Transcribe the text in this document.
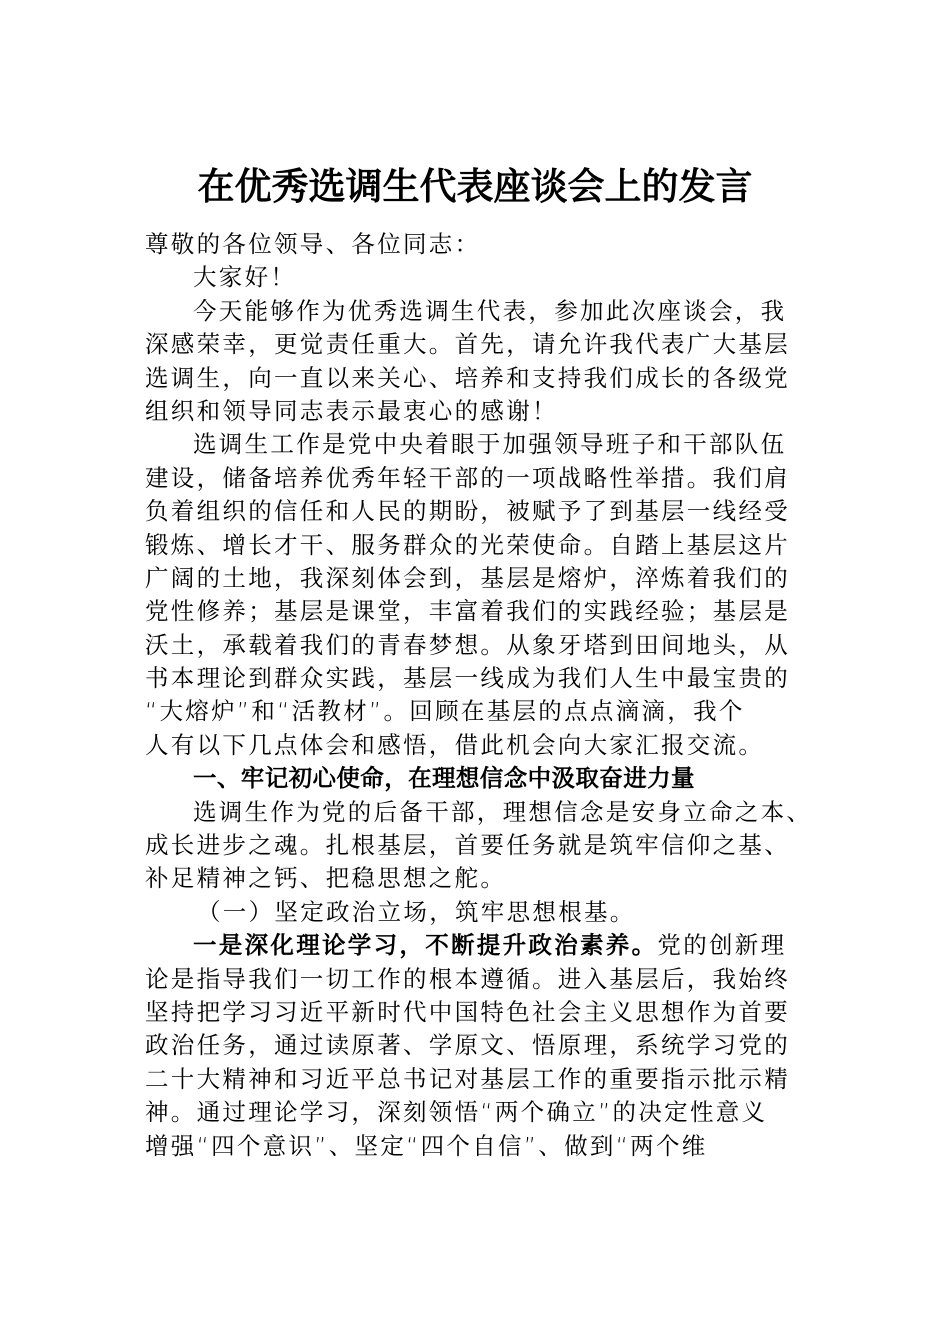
在优秀选调生代表座谈会上的发言
尊敬的各位领导、各位同志：
大家好！
今天能够作为优秀选调生代表，参加此次座谈会，我
深感荣幸，更觉责任重大。首先，请允许我代表广大基层
选调生，向一直以来关心、培养和支持我们成长的各级党
组织和领导同志表示最衷心的感谢！
选调生工作是党中央着眼于加强领导班子和干部队伍
建设，储备培养优秀年轻干部的一项战略性举措。我们肩
负着组织的信任和人民的期盼，被赋予了到基层一线经受
锻炼、增长才干、服务群众的光荣使命。自踏上基层这片
广阔的土地，我深刻体会到，基层是熔炉，淬炼着我们的
党性修养；基层是课堂，丰富着我们的实践经验；基层是
沃土，承载着我们的青春梦想。从象牙塔到田间地头，从
书本理论到群众实践，基层一线成为我们人生中最宝贵的
“大熔炉”和“活教材”。回顾在基层的点点滴滴，我个
人有以下几点体会和感悟，借此机会向大家汇报交流。
一、牢记初心使命，在理想信念中汲取奋进力量
选调生作为党的后备干部，理想信念是安身立命之本、
成长进步之魂。扎根基层，首要任务就是筑牢信仰之基、
补足精神之钙、把稳思想之舵。
（一）坚定政治立场，筑牢思想根基。
一是深化理论学习，不断提升政治素养。党的创新理
论是指导我们一切工作的根本遵循。进入基层后，我始终
坚持把学习习近平新时代中国特色社会主义思想作为首要
政治任务，通过读原著、学原文、悟原理，系统学习党的
二十大精神和习近平总书记对基层工作的重要指示批示精
神。通过理论学习，深刻领悟“两个确立”的决定性意义
增强“四个意识”、坚定“四个自信”、做到“两个维
